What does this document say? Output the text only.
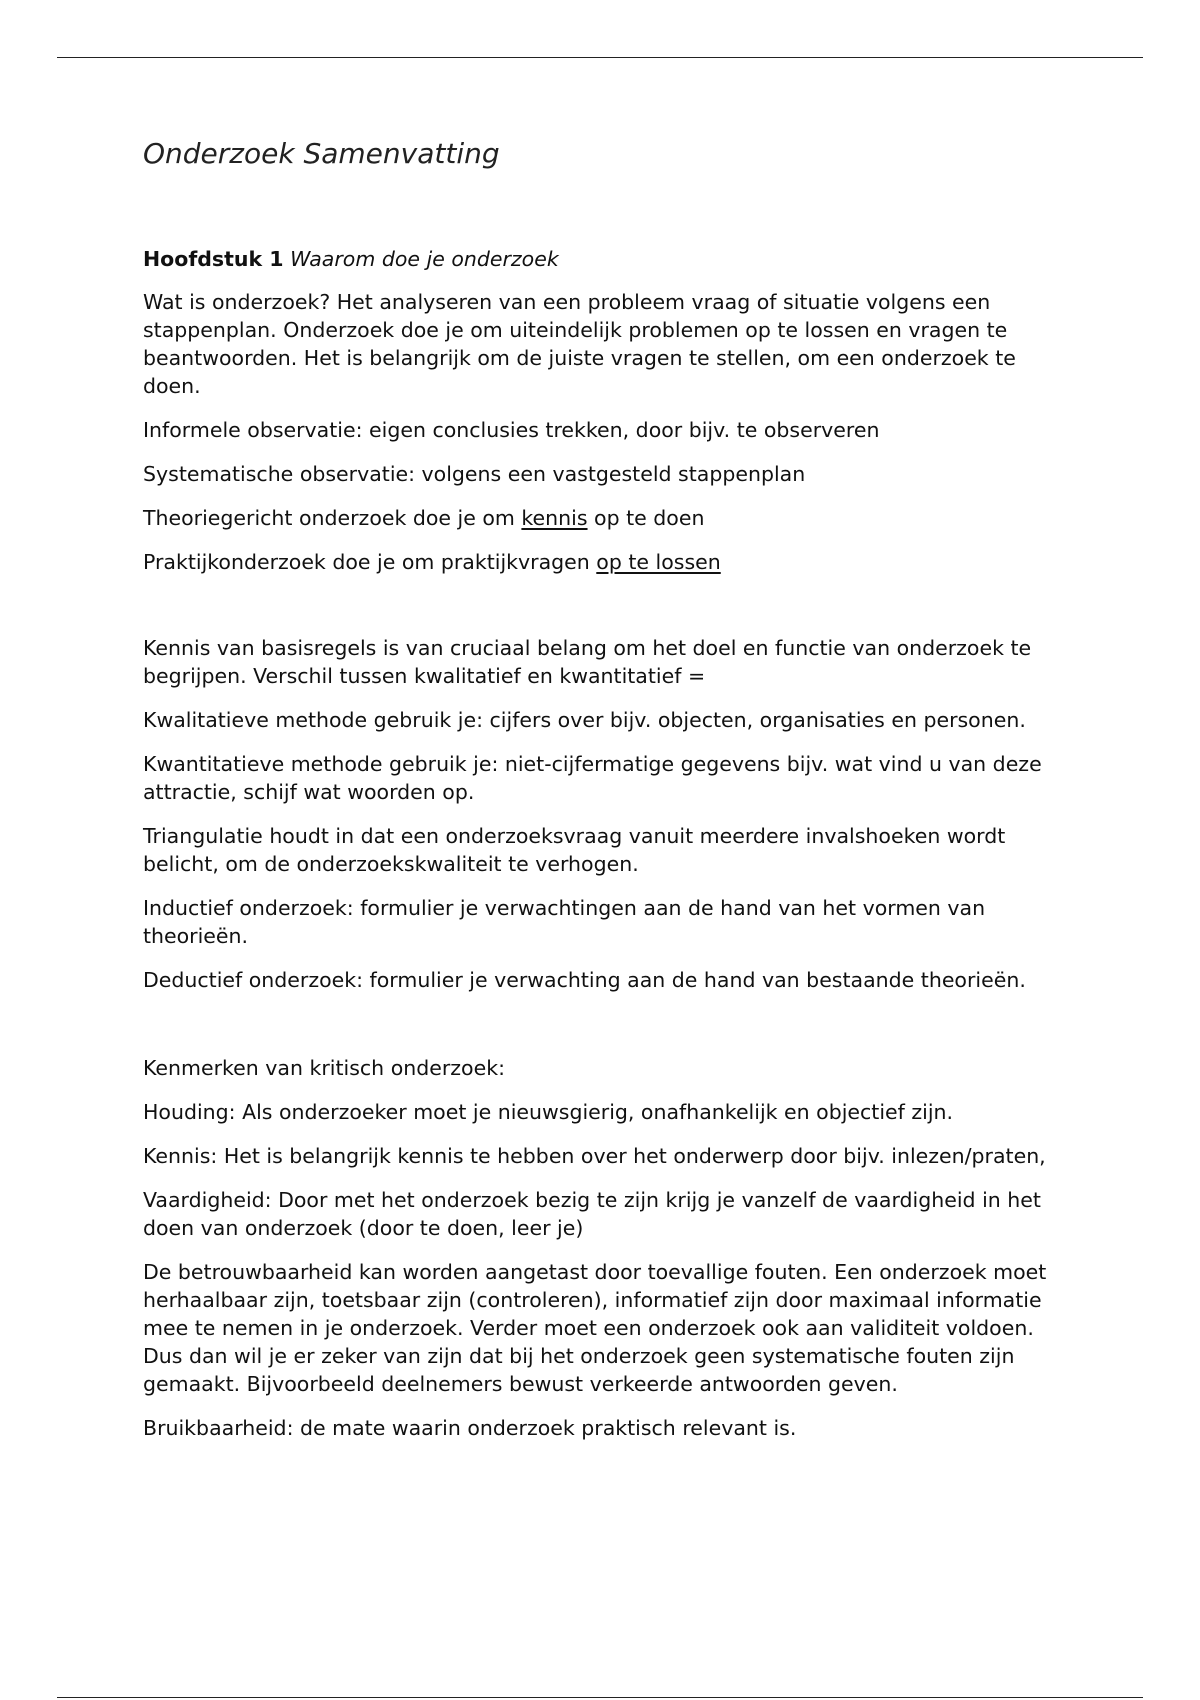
Onderzoek Samenvatting
Hoofdstuk 1 Waarom doe je onderzoek

Wat is onderzoek? Het analyseren van een probleem vraag of situatie volgens een stappenplan. Onderzoek doe je om uiteindelijk problemen op te lossen en vragen te beantwoorden. Het is belangrijk om de juiste vragen te stellen, om een onderzoek te doen.

Informele observatie: eigen conclusies trekken, door bijv. te observeren

Systematische observatie: volgens een vastgesteld stappenplan

Theoriegericht onderzoek doe je om kennis op te doen

Praktijkonderzoek doe je om praktijkvragen op te lossen

Kennis van basisregels is van cruciaal belang om het doel en functie van onderzoek te begrijpen. Verschil tussen kwalitatief en kwantitatief =

Kwalitatieve methode gebruik je: cijfers over bijv. objecten, organisaties en personen.

Kwantitatieve methode gebruik je: niet-cijfermatige gegevens bijv. wat vind u van deze attractie, schijf wat woorden op.

Triangulatie houdt in dat een onderzoeksvraag vanuit meerdere invalshoeken wordt belicht, om de onderzoekskwaliteit te verhogen.

Inductief onderzoek: formulier je verwachtingen aan de hand van het vormen van theorieën.

Deductief onderzoek: formulier je verwachting aan de hand van bestaande theorieën.

Kenmerken van kritisch onderzoek:

Houding: Als onderzoeker moet je nieuwsgierig, onafhankelijk en objectief zijn.

Kennis: Het is belangrijk kennis te hebben over het onderwerp door bijv. inlezen/praten,

Vaardigheid: Door met het onderzoek bezig te zijn krijg je vanzelf de vaardigheid in het doen van onderzoek (door te doen, leer je)

De betrouwbaarheid kan worden aangetast door toevallige fouten. Een onderzoek moet herhaalbaar zijn, toetsbaar zijn (controleren), informatief zijn door maximaal informatie mee te nemen in je onderzoek. Verder moet een onderzoek ook aan validiteit voldoen. Dus dan wil je er zeker van zijn dat bij het onderzoek geen systematische fouten zijn gemaakt. Bijvoorbeeld deelnemers bewust verkeerde antwoorden geven.

Bruikbaarheid: de mate waarin onderzoek praktisch relevant is.
